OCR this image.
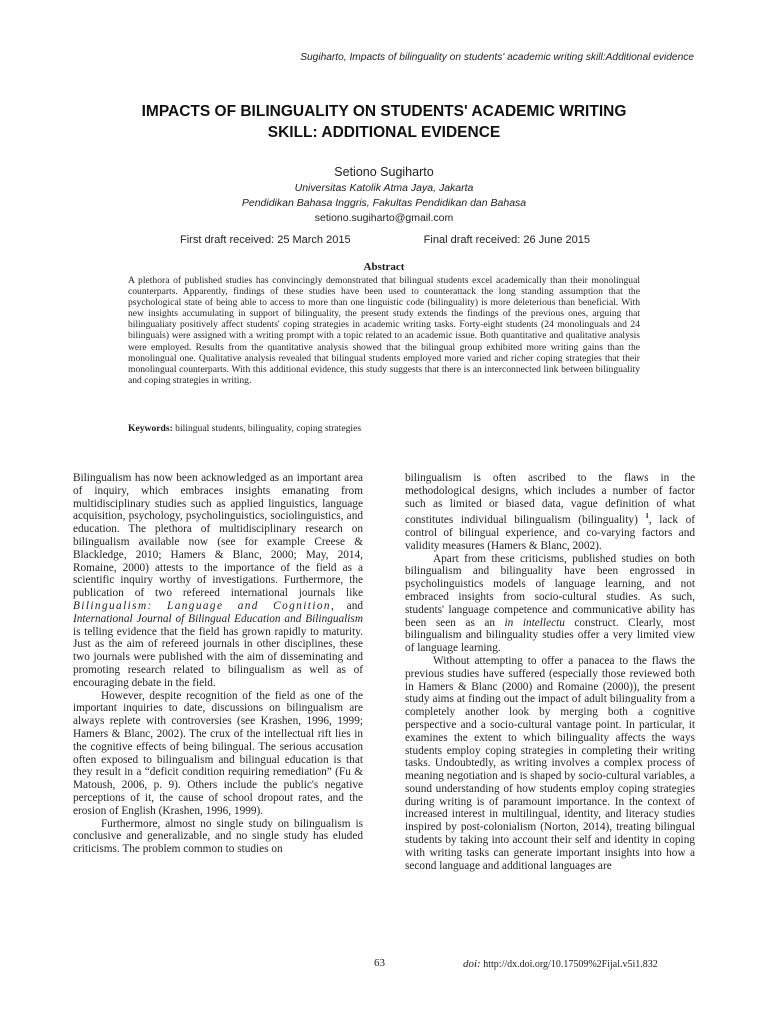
Sugiharto, Impacts of bilinguality on students' academic writing skill:Additional evidence
IMPACTS OF BILINGUALITY ON STUDENTS' ACADEMIC WRITING
SKILL: ADDITIONAL EVIDENCE
Setiono Sugiharto
Universitas Katolik Atma Jaya, Jakarta
Pendidikan Bahasa Inggris, Fakultas Pendidikan dan Bahasa
setiono.sugiharto@gmail.com
First draft received: 25 March 2015	Final draft received: 26 June 2015
Abstract
A plethora of published studies has convincingly demonstrated that bilingual students excel academically than their monolingual counterparts. Apparently, findings of these studies have been used to counterattack the long standing assumption that the psychological state of being able to access to more than one linguistic code (bilinguality) is more deleterious than beneficial. With new insights accumulating in support of bilinguality, the present study extends the findings of the previous ones, arguing that bilingualiaty positively affect students' coping strategies in academic writing tasks. Forty-eight students (24 monolinguals and 24 bilinguals) were assigned with a writing prompt with a topic related to an academic issue. Both quantitative and qualitative analysis were employed. Results from the quantitative analysis showed that the bilingual group exhibited more writing gains than the monolingual one. Qualitative analysis revealed that bilingual students employed more varied and richer coping strategies that their monolingual counterparts. With this additional evidence, this study suggests that there is an interconnected link between bilinguality and coping strategies in writing.
Keywords: bilingual students, bilinguality, coping strategies

Bilingualism has now been acknowledged as an important area of inquiry, which embraces insights emanating from multidisciplinary studies such as applied linguistics, language acquisition, psychology, psycholinguistics, sociolinguistics, and education. The plethora of multidisciplinary research on bilingualism available now (see for example Creese & Blackledge, 2010; Hamers & Blanc, 2000; May, 2014, Romaine, 2000) attests to the importance of the field as a scientific inquiry worthy of investigations. Furthermore, the publication of two refereed international journals like Bilingualism: Language and Cognition, and International Journal of Bilingual Education and Bilingualism is telling evidence that the field has grown rapidly to maturity. Just as the aim of refereed journals in other disciplines, these two journals were published with the aim of disseminating and promoting research related to bilingualism as well as of encouraging debate in the field.

However, despite recognition of the field as one of the important inquiries to date, discussions on bilingualism are always replete with controversies (see Krashen, 1996, 1999; Hamers & Blanc, 2002). The crux of the intellectual rift lies in the cognitive effects of being bilingual. The serious accusation often exposed to bilingualism and bilingual education is that they result in a “deficit condition requiring remediation” (Fu & Matoush, 2006, p. 9). Others include the public's negative perceptions of it, the cause of school dropout rates, and the erosion of English (Krashen, 1996, 1999).

Furthermore, almost no single study on bilingualism is conclusive and generalizable, and no single study has eluded criticisms. The problem common to studies on

bilingualism is often ascribed to the flaws in the methodological designs, which includes a number of factor such as limited or biased data, vague definition of what constitutes individual bilingualism (bilinguality) $^1$, lack of control of bilingual experience, and co-varying factors and validity measures (Hamers & Blanc, 2002).

Apart from these criticisms, published studies on both bilingualism and bilinguality have been engrossed in psycholinguistics models of language learning, and not embraced insights from socio-cultural studies. As such, students' language competence and communicative ability has been seen as an in intellectu construct. Clearly, most bilingualism and bilinguality studies offer a very limited view of language learning.

Without attempting to offer a panacea to the flaws the previous studies have suffered (especially those reviewed both in Hamers & Blanc (2000) and Romaine (2000)), the present study aims at finding out the impact of adult bilinguality from a completely another look by merging both a cognitive perspective and a socio-cultural vantage point. In particular, it examines the extent to which bilinguality affects the ways students employ coping strategies in completing their writing tasks. Undoubtedly, as writing involves a complex process of meaning negotiation and is shaped by socio-cultural variables, a sound understanding of how students employ coping strategies during writing is of paramount importance. In the context of increased interest in multilingual, identity, and literacy studies inspired by post-colonialism (Norton, 2014), treating bilingual students by taking into account their self and identity in coping with writing tasks can generate important insights into how a second language and additional languages are

63	doi: http://dx.doi.org/10.17509%2Fijal.v5i1.832
